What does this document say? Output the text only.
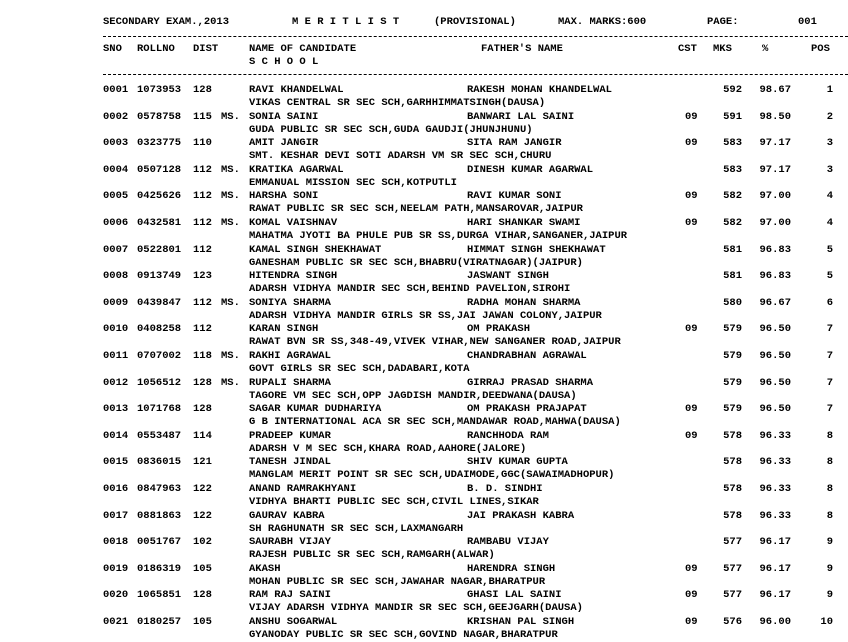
SECONDARY EXAM.,2013	M E R I T L I S T	(PROVISIONAL)	MAX. MARKS:600	PAGE:	001
SNO ROLLNO DIST	NAME OF CANDIDATE	FATHER'S NAME	CST MKS	%	POS
S C H O O L
0001 1073953 128	RAVI KHANDELWAL	RAKESH MOHAN KHANDELWAL	592	98.67	1
VIKAS CENTRAL SR SEC SCH,GARHHIMMATSINGH(DAUSA)
0002 0578758 115 MS. SONIA SAINI	BANWARI LAL SAINI	09	591	98.50	2
GUDA PUBLIC SR SEC SCH,GUDA GAUDJI(JHUNJHUNU)
0003 0323775 110	AMIT JANGIR	SITA RAM JANGIR	09	583	97.17	3
SMT. KESHAR DEVI SOTI ADARSH VM SR SEC SCH,CHURU
0004 0507128 112 MS. KRATIKA AGARWAL	DINESH KUMAR AGARWAL	583	97.17	3
EMMANUAL MISSION SEC SCH,KOTPUTLI
0005 0425626 112 MS. HARSHA SONI	RAVI KUMAR SONI	09	582	97.00	4
RAWAT PUBLIC SR SEC SCH,NEELAM PATH,MANSAROVAR,JAIPUR
0006 0432581 112 MS. KOMAL VAISHNAV	HARI SHANKAR SWAMI	09	582	97.00	4
MAHATMA JYOTI BA PHULE PUB SR SS,DURGA VIHAR,SANGANER,JAIPUR
0007 0522801 112	KAMAL SINGH SHEKHAWAT	HIMMAT SINGH SHEKHAWAT	581	96.83	5
GANESHAM PUBLIC SR SEC SCH,BHABRU(VIRATNAGAR)(JAIPUR)
0008 0913749 123	HITENDRA SINGH	JASWANT SINGH	581	96.83	5
ADARSH VIDHYA MANDIR SEC SCH,BEHIND PAVELION,SIROHI
0009 0439847 112 MS. SONIYA SHARMA	RADHA MOHAN SHARMA	580	96.67	6
ADARSH VIDHYA MANDIR GIRLS SR SS,JAI JAWAN COLONY,JAIPUR
0010 0408258 112	KARAN SINGH	OM PRAKASH	09	579	96.50	7
RAWAT BVN SR SS,348-49,VIVEK VIHAR,NEW SANGANER ROAD,JAIPUR
0011 0707002 118 MS. RAKHI AGRAWAL	CHANDRABHAN AGRAWAL	579	96.50	7
GOVT GIRLS SR SEC SCH,DADABARI,KOTA
0012 1056512 128 MS. RUPALI SHARMA	GIRRAJ PRASAD SHARMA	579	96.50	7
TAGORE VM SEC SCH,OPP JAGDISH MANDIR,DEEDWANA(DAUSA)
0013 1071768 128	SAGAR KUMAR DUDHARIYA	OM PRAKASH PRAJAPAT	09	579	96.50	7
G B INTERNATIONAL ACA SR SEC SCH,MANDAWAR ROAD,MAHWA(DAUSA)
0014 0553487 114	PRADEEP KUMAR	RANCHHODA RAM	09	578	96.33	8
ADARSH V M SEC SCH,KHARA ROAD,AAHORE(JALORE)
0015 0836015 121	TANESH JINDAL	SHIV KUMAR GUPTA	578	96.33	8
MANGLAM MERIT POINT SR SEC SCH,UDAIMODE,GGC(SAWAIMADHOPUR)
0016 0847963 122	ANAND RAMRAKHYANI	B. D. SINDHI	578	96.33	8
VIDHYA BHARTI PUBLIC SEC SCH,CIVIL LINES,SIKAR
0017 0881863 122	GAURAV KABRA	JAI PRAKASH KABRA	578	96.33	8
SH RAGHUNATH SR SEC SCH,LAXMANGARH
0018 0051767 102	SAURABH VIJAY	RAMBABU VIJAY	577	96.17	9
RAJESH PUBLIC SR SEC SCH,RAMGARH(ALWAR)
0019 0186319 105	AKASH	HARENDRA SINGH	09	577	96.17	9
MOHAN PUBLIC SR SEC SCH,JAWAHAR NAGAR,BHARATPUR
0020 1065851 128	RAM RAJ SAINI	GHASI LAL SAINI	09	577	96.17	9
VIJAY ADARSH VIDHYA MANDIR SR SEC SCH,GEEJGARH(DAUSA)
0021 0180257 105	ANSHU SOGARWAL	KRISHAN PAL SINGH	09	576	96.00	10
GYANODAY PUBLIC SR SEC SCH,GOVIND NAGAR,BHARATPUR
